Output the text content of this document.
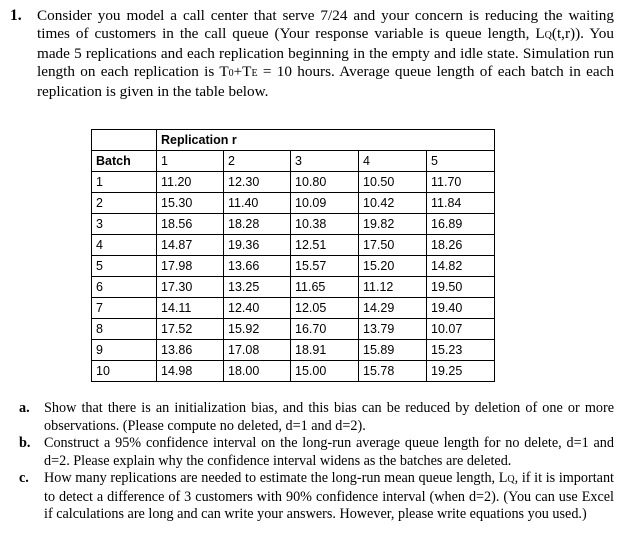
1. Consider you model a call center that serve 7/24 and your concern is reducing the waiting times of customers in the call queue (Your response variable is queue length, LQ(t,r)). You made 5 replications and each replication beginning in the empty and idle state. Simulation run length on each replication is T0+TE = 10 hours. Average queue length of each batch in each replication is given in the table below.
	Replication r				
Batch	1	2	3	4	5
1	11.20	12.30	10.80	10.50	11.70
2	15.30	11.40	10.09	10.42	11.84
3	18.56	18.28	10.38	19.82	16.89
4	14.87	19.36	12.51	17.50	18.26
5	17.98	13.66	15.57	15.20	14.82
6	17.30	13.25	11.65	11.12	19.50
7	14.11	12.40	12.05	14.29	19.40
8	17.52	15.92	16.70	13.79	10.07
9	13.86	17.08	18.91	15.89	15.23
10	14.98	18.00	15.00	15.78	19.25
a. Show that there is an initialization bias, and this bias can be reduced by deletion of one or more observations. (Please compute no deleted, d=1 and d=2).
b. Construct a 95% confidence interval on the long-run average queue length for no delete, d=1 and d=2. Please explain why the confidence interval widens as the batches are deleted.
c. How many replications are needed to estimate the long-run mean queue length, LQ, if it is important to detect a difference of 3 customers with 90% confidence interval (when d=2). (You can use Excel if calculations are long and can write your answers. However, please write equations you used.)
